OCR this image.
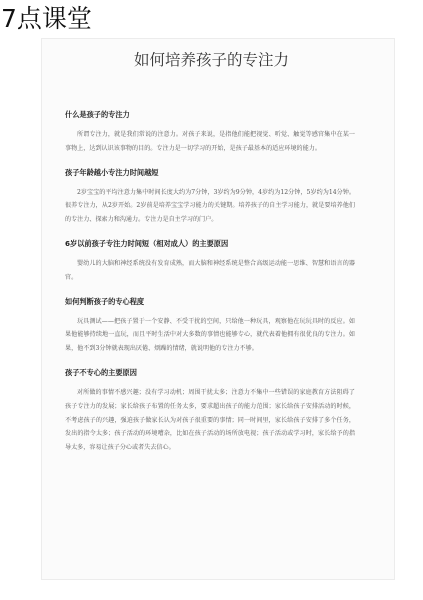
7点课堂
如何培养孩子的专注力
什么是孩子的专注力

所谓专注力，就是我们常说的注意力。对孩子来说，是指他们能把视觉、听觉、触觉等感官集中在某一事物上，达到认识该事物的目的。专注力是一切学习的开始，是孩子最基本的适应环境的能力。

孩子年龄越小专注力时间越短

2岁宝宝的平均注意力集中时间长度大约为7分钟，3岁约为9分钟，4岁约为12分钟，5岁约为14分钟。很养专注力，从2岁开始。2岁前是培养宝宝学习能力的关键期。培养孩子的自主学习能力，就是要培养他们的专注力、探索力和沟通力。专注力是自主学习的门户。

6岁以前孩子专注力时间短（相对成人）的主要原因

婴幼儿的大脑和神经系统没有发育成熟，而大脑和神经系统是整合高级运动能一思维、智慧和语言的器官。

如何判断孩子的专心程度

玩具测试——把孩子置于一个安静、不受干扰的空间，只给他一种玩具，观察他在玩玩具时的反应。如果他能够持续地一直玩，而且平时生活中对大多数的事情也能够专心，就代表着他拥有很优良的专注力。如果，他不到3分钟就表现出厌倦、烦躁的情绪，就说明他的专注力不够。

孩子不专心的主要原因

对所做的事情不感兴趣；没有学习动机；周围干扰太多；注意力不集中一些错误的家庭教育方法阻碍了孩子专注力的发展；家长给孩子布置的任务太多，要求超出孩子的能力范围；家长给孩子安排活动的时候，不考虑孩子的兴趣，强迫孩子做家长认为对孩子很重要的事情；同一时间里，家长给孩子安排了多个任务，发出的指令太多；孩子活动的环境嘈杂，比如在孩子活动的场所放电视；孩子活动或学习时，家长给予的指导太多，容易让孩子分心或者失去信心。
